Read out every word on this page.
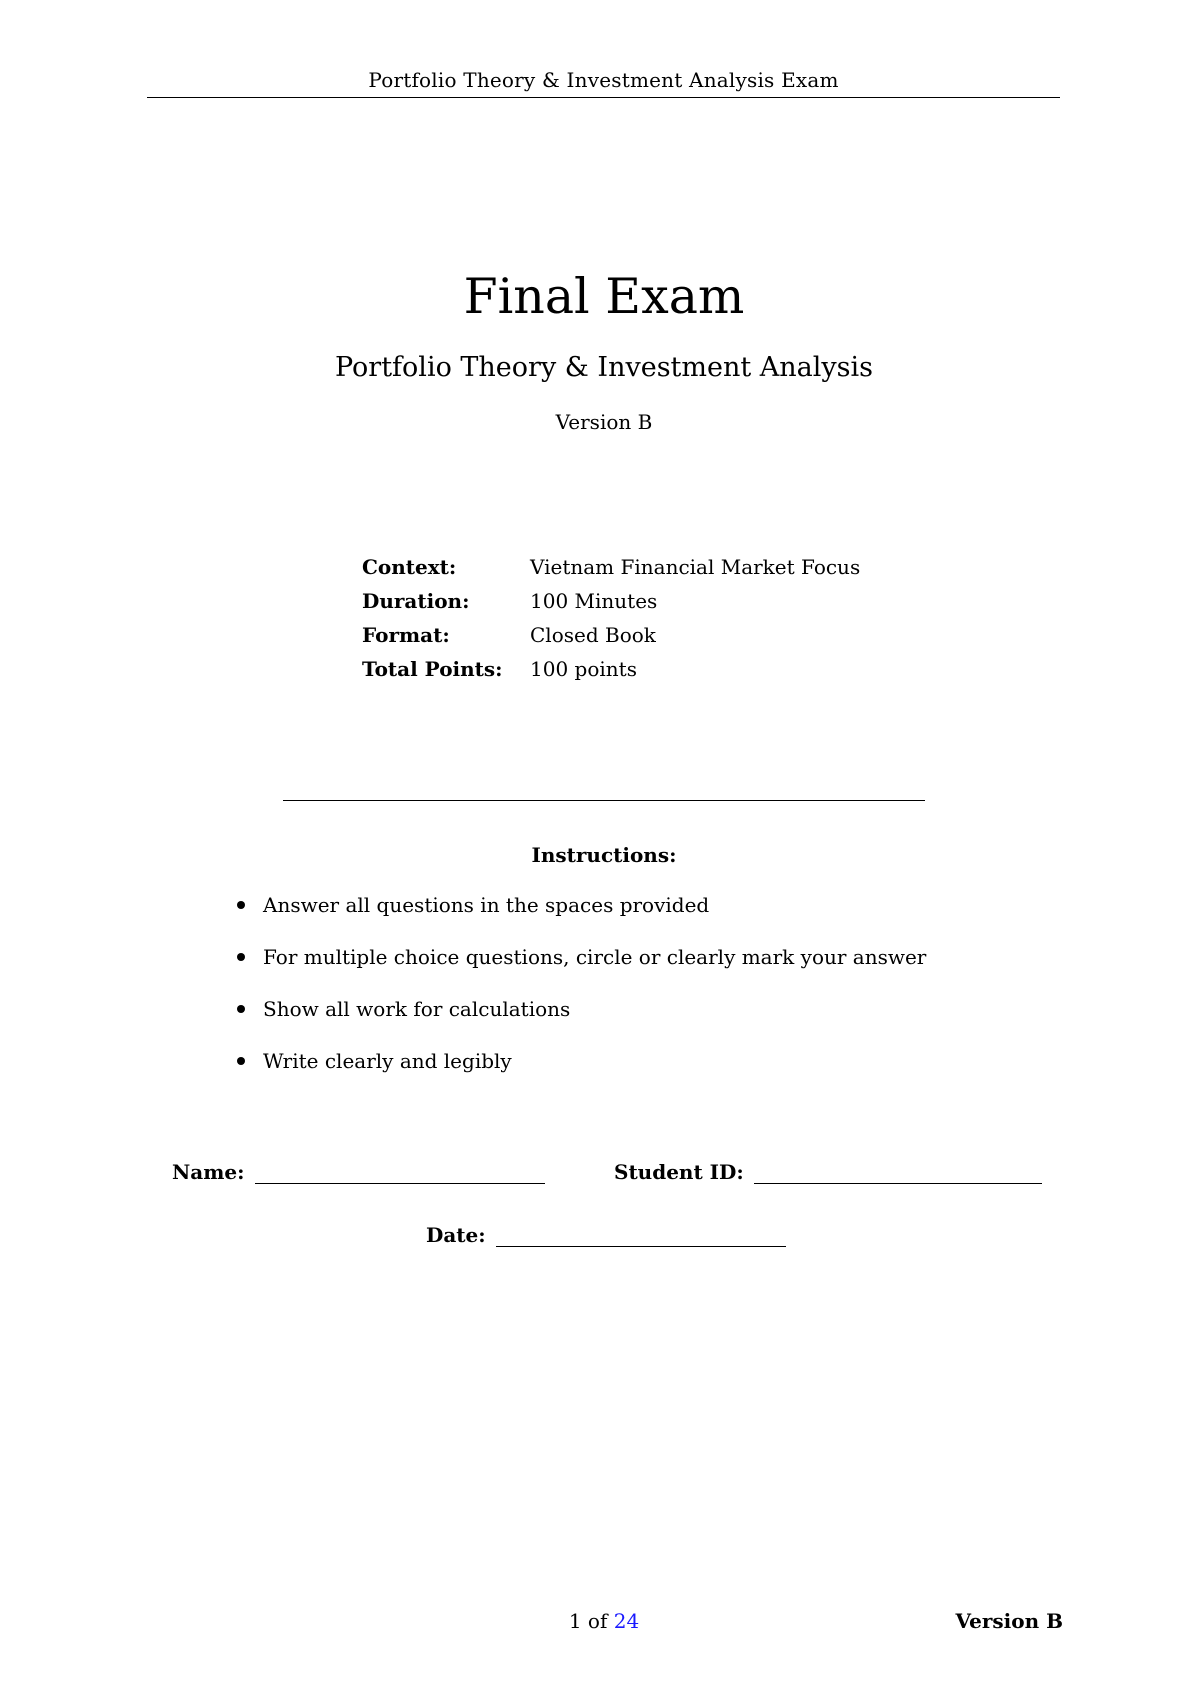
Portfolio Theory & Investment Analysis Exam
Final Exam
Portfolio Theory & Investment Analysis
Version B
Context:	Vietnam Financial Market Focus
Duration:	100 Minutes
Format:	Closed Book
Total Points:	100 points
Instructions:
Answer all questions in the spaces provided
For multiple choice questions, circle or clearly mark your answer
Show all work for calculations
Write clearly and legibly
Name:	Student ID:
Date:
1 of 24	Version B
